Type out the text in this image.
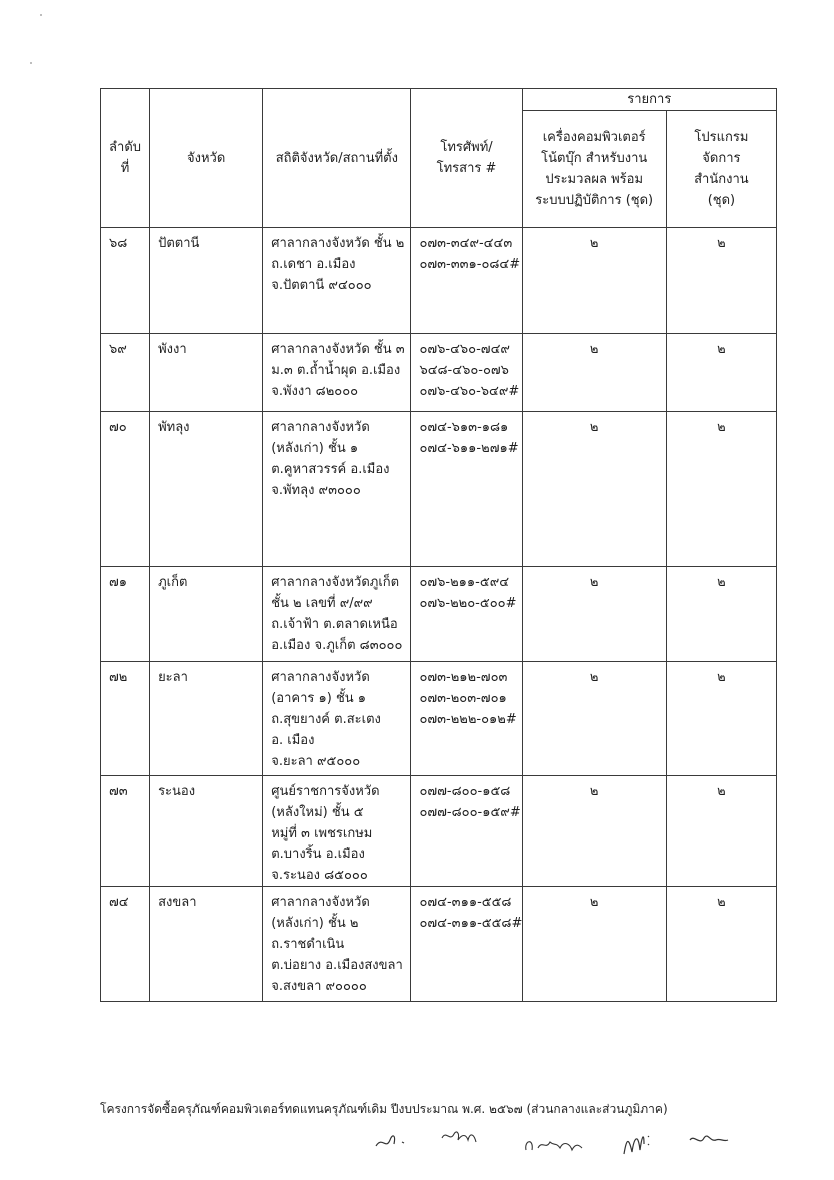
ลำดับ ที่	จังหวัด	สถิติจังหวัด/สถานที่ตั้ง	โทรศัพท์/โทรสาร #	รายการ	
				เครื่องคอมพิวเตอร์ โน้ตบุ๊ก สำหรับงานประมวลผล พร้อมระบบปฏิบัติการ (ชุด)	โปรแกรมจัดการ สำนักงาน (ชุด)
๖๘	ปัตตานี	ศาลากลางจังหวัด ชั้น ๒
ถ.เดชา อ.เมือง
จ.ปัตตานี ๙๔๐๐๐	๐๗๓-๓๔๙-๔๔๓
๐๗๓-๓๓๑-๐๘๔#	๒	๒
๖๙	พังงา	ศาลากลางจังหวัด ชั้น ๓
ม.๓ ต.ถ้ำน้ำผุด อ.เมือง
จ.พังงา ๘๒๐๐๐	๐๗๖-๔๖๐-๗๔๙
๖๔๘-๔๖๐-๐๗๖
๐๗๖-๔๖๐-๖๔๙#	๒	๒
๗๐	พัทลุง	ศาลากลางจังหวัด
(หลังเก่า) ชั้น ๑
ต.คูหาสวรรค์ อ.เมือง
จ.พัทลุง ๙๓๐๐๐	๐๗๔-๖๑๓-๑๘๑
๐๗๔-๖๑๑-๒๗๑#	๒	๒
๗๑	ภูเก็ต	ศาลากลางจังหวัดภูเก็ต
ชั้น ๒ เลขที่ ๙/๙๙
ถ.เจ้าฟ้า ต.ตลาดเหนือ
อ.เมือง จ.ภูเก็ต ๘๓๐๐๐	๐๗๖-๒๑๑-๕๙๔
๐๗๖-๒๒๐-๕๐๐#	๒	๒
๗๒	ยะลา	ศาลากลางจังหวัด
(อาคาร ๑) ชั้น ๑
ถ.สุขยางค์ ต.สะเตง
อ. เมือง
จ.ยะลา ๙๕๐๐๐	๐๗๓-๒๑๒-๗๐๓
๐๗๓-๒๐๓-๗๐๑
๐๗๓-๒๒๒-๐๑๒#	๒	๒
๗๓	ระนอง	ศูนย์ราชการจังหวัด
(หลังใหม่) ชั้น ๕
หมู่ที่ ๓ เพชรเกษม
ต.บางริ้น อ.เมือง
จ.ระนอง ๘๕๐๐๐	๐๗๗-๘๐๐-๑๕๘
๐๗๗-๘๐๐-๑๕๙#	๒	๒
๗๔	สงขลา	ศาลากลางจังหวัด
(หลังเก่า) ชั้น ๒
ถ.ราชดำเนิน
ต.บ่อยาง อ.เมืองสงขลา
จ.สงขลา ๙๐๐๐๐	๐๗๔-๓๑๑-๕๕๘
๐๗๔-๓๑๑-๕๕๘#	๒	๒
โครงการจัดซื้อครุภัณฑ์คอมพิวเตอร์ทดแทนครุภัณฑ์เดิม ปีงบประมาณ พ.ศ. ๒๕๖๗ (ส่วนกลางและส่วนภูมิภาค)
